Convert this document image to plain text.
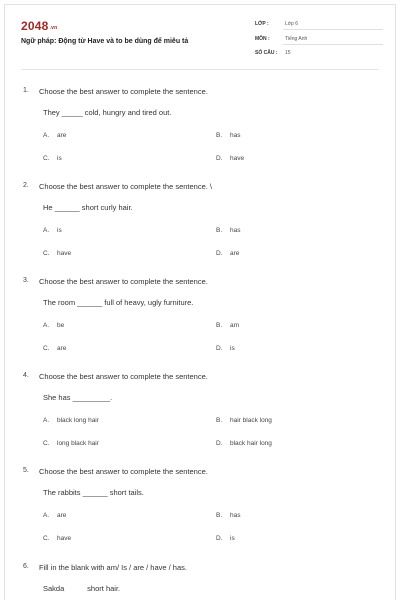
2048.vn
Ngữ pháp: Động từ Have và to be dùng để miêu tả
LỚP :	Lớp 6
MÔN :	Tiếng Anh
SỐ CÂU : 15
1. Choose the best answer to complete the sentence.
They _____ cold, hungry and tired out.
A. are	B. has
C. is	D. have
2. Choose the best answer to complete the sentence. \
He ______ short curly hair.
A. is	B. has
C. have	D. are
3. Choose the best answer to complete the sentence.
The room ______ full of heavy, ugly furniture.
A. be	B. am
C. are	D. is
4. Choose the best answer to complete the sentence.
She has _________.
A. black long hair	B. hair black long
C. long black hair	D. black hair long
5. Choose the best answer to complete the sentence.
The rabbits ______ short tails.
A. are	B. has
C. have	D. is
6. Fill in the blank with am/ Is / are / have / has.
Sakda           short hair.
